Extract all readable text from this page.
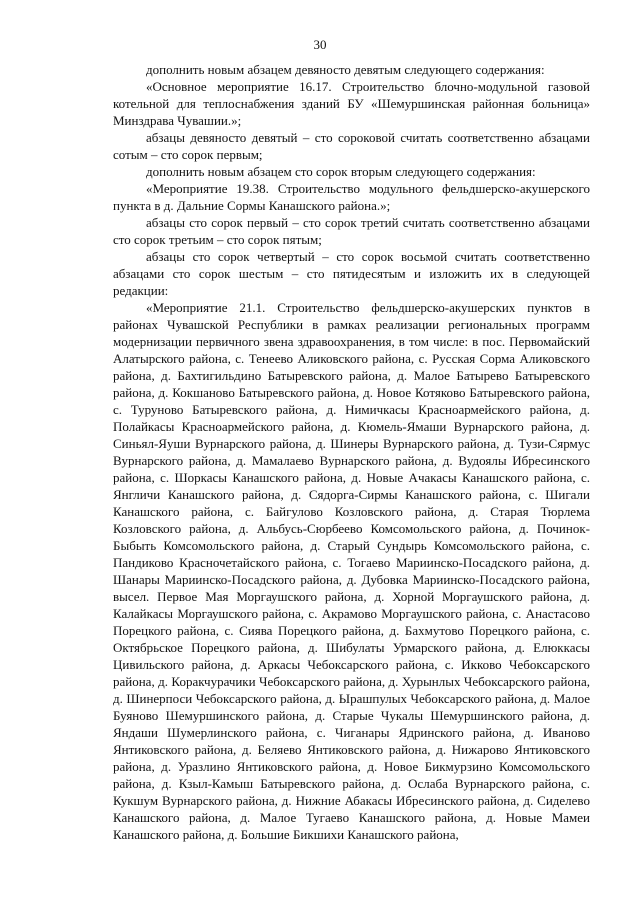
30

дополнить новым абзацем девяносто девятым следующего содержания:

«Основное мероприятие 16.17. Строительство блочно-модульной газовой котельной для теплоснабжения зданий БУ «Шемуршинская районная больница» Минздрава Чувашии.»;

абзацы девяносто девятый – сто сороковой считать соответственно абзацами сотым – сто сорок первым;

дополнить новым абзацем сто сорок вторым следующего содержания:

«Мероприятие 19.38. Строительство модульного фельдшерско-акушерского пункта в д. Дальние Сормы Канашского района.»;

абзацы сто сорок первый – сто сорок третий считать соответственно абзацами сто сорок третьим – сто сорок пятым;

абзацы сто сорок четвертый – сто сорок восьмой считать соответственно абзацами сто сорок шестым – сто пятидесятым и изложить их в следующей редакции:

«Мероприятие 21.1. Строительство фельдшерско-акушерских пунктов в районах Чувашской Республики в рамках реализации региональных программ модернизации первичного звена здравоохранения, в том числе: в пос. Первомайский Алатырского района, с. Тенеево Аликовского района, с. Русская Сорма Аликовского района, д. Бахтигильдино Батыревского района, д. Малое Батырево Батыревского района, д. Кокшаново Батыревского района, д. Новое Котяково Батыревского района, с. Туруново Батыревского района, д. Нимичкасы Красноармейского района, д. Полайкасы Красноармейского района, д. Кюмель-Ямаши Вурнарского района, д. Синьял-Яуши Вурнарского района, д. Шинеры Вурнарского района, д. Тузи-Сярмус Вурнарского района, д. Мамалаево Вурнарского района, д. Вудоялы Ибресинского района, с. Шоркасы Канашского района, д. Новые Ачакасы Канашского района, с. Янгличи Канашского района, д. Сядорга-Сирмы Канашского района, с. Шигали Канашского района, с. Байгулово Козловского района, д. Старая Тюрлема Козловского района, д. Альбусь-Сюрбеево Комсомольского района, д. Починок-Быбыть Комсомольского района, д. Старый Сундырь Комсомольского района, с. Пандиково Красночетайского района, с. Тогаево Мариинско-Посадского района, д. Шанары Мариинско-Посадского района, д. Дубовка Мариинско-Посадского района, высел. Первое Мая Моргаушского района, д. Хорной Моргаушского района, д. Калайкасы Моргаушского района, с. Акрамово Моргаушского района, с. Анастасово Порецкого района, с. Сиява Порецкого района, д. Бахмутово Порецкого района, с. Октябрьское Порецкого района, д. Шибулаты Урмарского района, д. Елюккасы Цивильского района, д. Аркасы Чебоксарского района, с. Икково Чебоксарского района, д. Коракчурачики Чебоксарского района, д. Хурынлых Чебоксарского района, д. Шинерпоси Чебоксарского района, д. Ырашпулых Чебоксарского района, д. Малое Буяново Шемуршинского района, д. Старые Чукалы Шемуршинского района, д. Яндаши Шумерлинского района, с. Чиганары Ядринского района, д. Иваново Янтиковского района, д. Беляево Янтиковского района, д. Нижарово Янтиковского района, д. Уразлино Янтиковского района, д. Новое Бикмурзино Комсомольского района, д. Кзыл-Камыш Батыревского района, д. Ослаба Вурнарского района, с. Кукшум Вурнарского района, д. Нижние Абакасы Ибресинского района, д. Сиделево Канашского района, д. Малое Тугаево Канашского района, д. Новые Мамеи Канашского района, д. Большие Бикшихи Канашского района,
